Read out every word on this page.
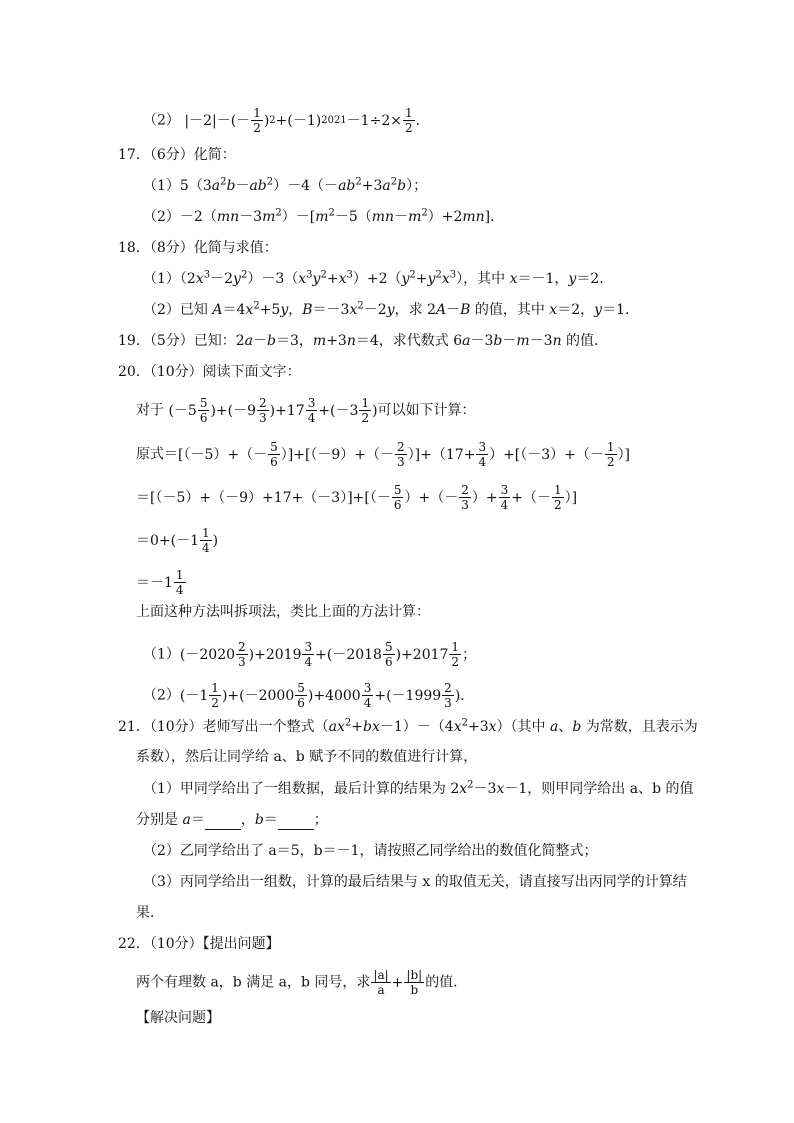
（2） |－2|－(－ 1
2 ) 2 +(－1) 2021 －1÷2× 1
2 ．
17．（6分）化简：
$(1)5(3a^2b-ab^2)-4(-ab^2+3a^2b)$；
$(2)-2(mn-3m^2)-[m^2-5(mn-m^2)+2mn]$．
18．（8分）化简与求值：
$(1)(2x^3-2y^2)-3(x^3y^2+x^3)+2(y^2+y^2x^3)$，其中 x＝－1，y＝2．
（2）已知 $A=4x^2+5y$，$B=-3x^2-2y$，求 2A－B 的值，其中 x＝2，y＝1．
19．（5分）已知：2a－b＝3，m+3n＝4，求代数式 6a－3b－m－3n 的值．
20．（10分）阅读下面文字：
对于 (－5 5
6 )+(－9 2
3 )+17 3
4 +(－3 1
2 )可以如下计算：
原式＝[（－5）+（－ 5
6 ）]+[（－9）+（－ 2
3 ）]+（17+ 3
4 ）+[（－3）+（－ 1
2 ）]
＝[（－5）+（－9）+17+（－3）]+[（－ 5
6 ）+（－ 2
3 ）+ 3
4 +（－ 1
2 ）]
＝0+(－1 1
4 )
＝－1 1
4
上面这种方法叫拆项法，类比上面的方法计算：
（1）(－2020 2
3 )+2019 3
4 +(－2018 5
6 )+2017 1
2 ；
（2）(－1 1
2 )+(－2000 5
6 )+4000 3
4 +(－1999 2
3 )．
21．（10分）老师写出一个整式$(ax^2+bx-1)-(4x^2+3x)$（其中 a、b 为常数，且表示为
系数），然后让同学给 a、b 赋予不同的数值进行计算，
（1）甲同学给出了一组数据，最后计算的结果为 $2x^2-3x-1$，则甲同学给出 a、b 的值
分别是 a＝	，b＝	；
（2）乙同学给出了 a＝5，b＝－1，请按照乙同学给出的数值化简整式；
（3）丙同学给出一组数，计算的最后结果与 x 的取值无关，请直接写出丙同学的计算结
果．
22．（10分）【提出问题】
两个有理数 a，b 满足 a，b 同号，求 |a|
a + |b|
b 的值．
【解决问题】
